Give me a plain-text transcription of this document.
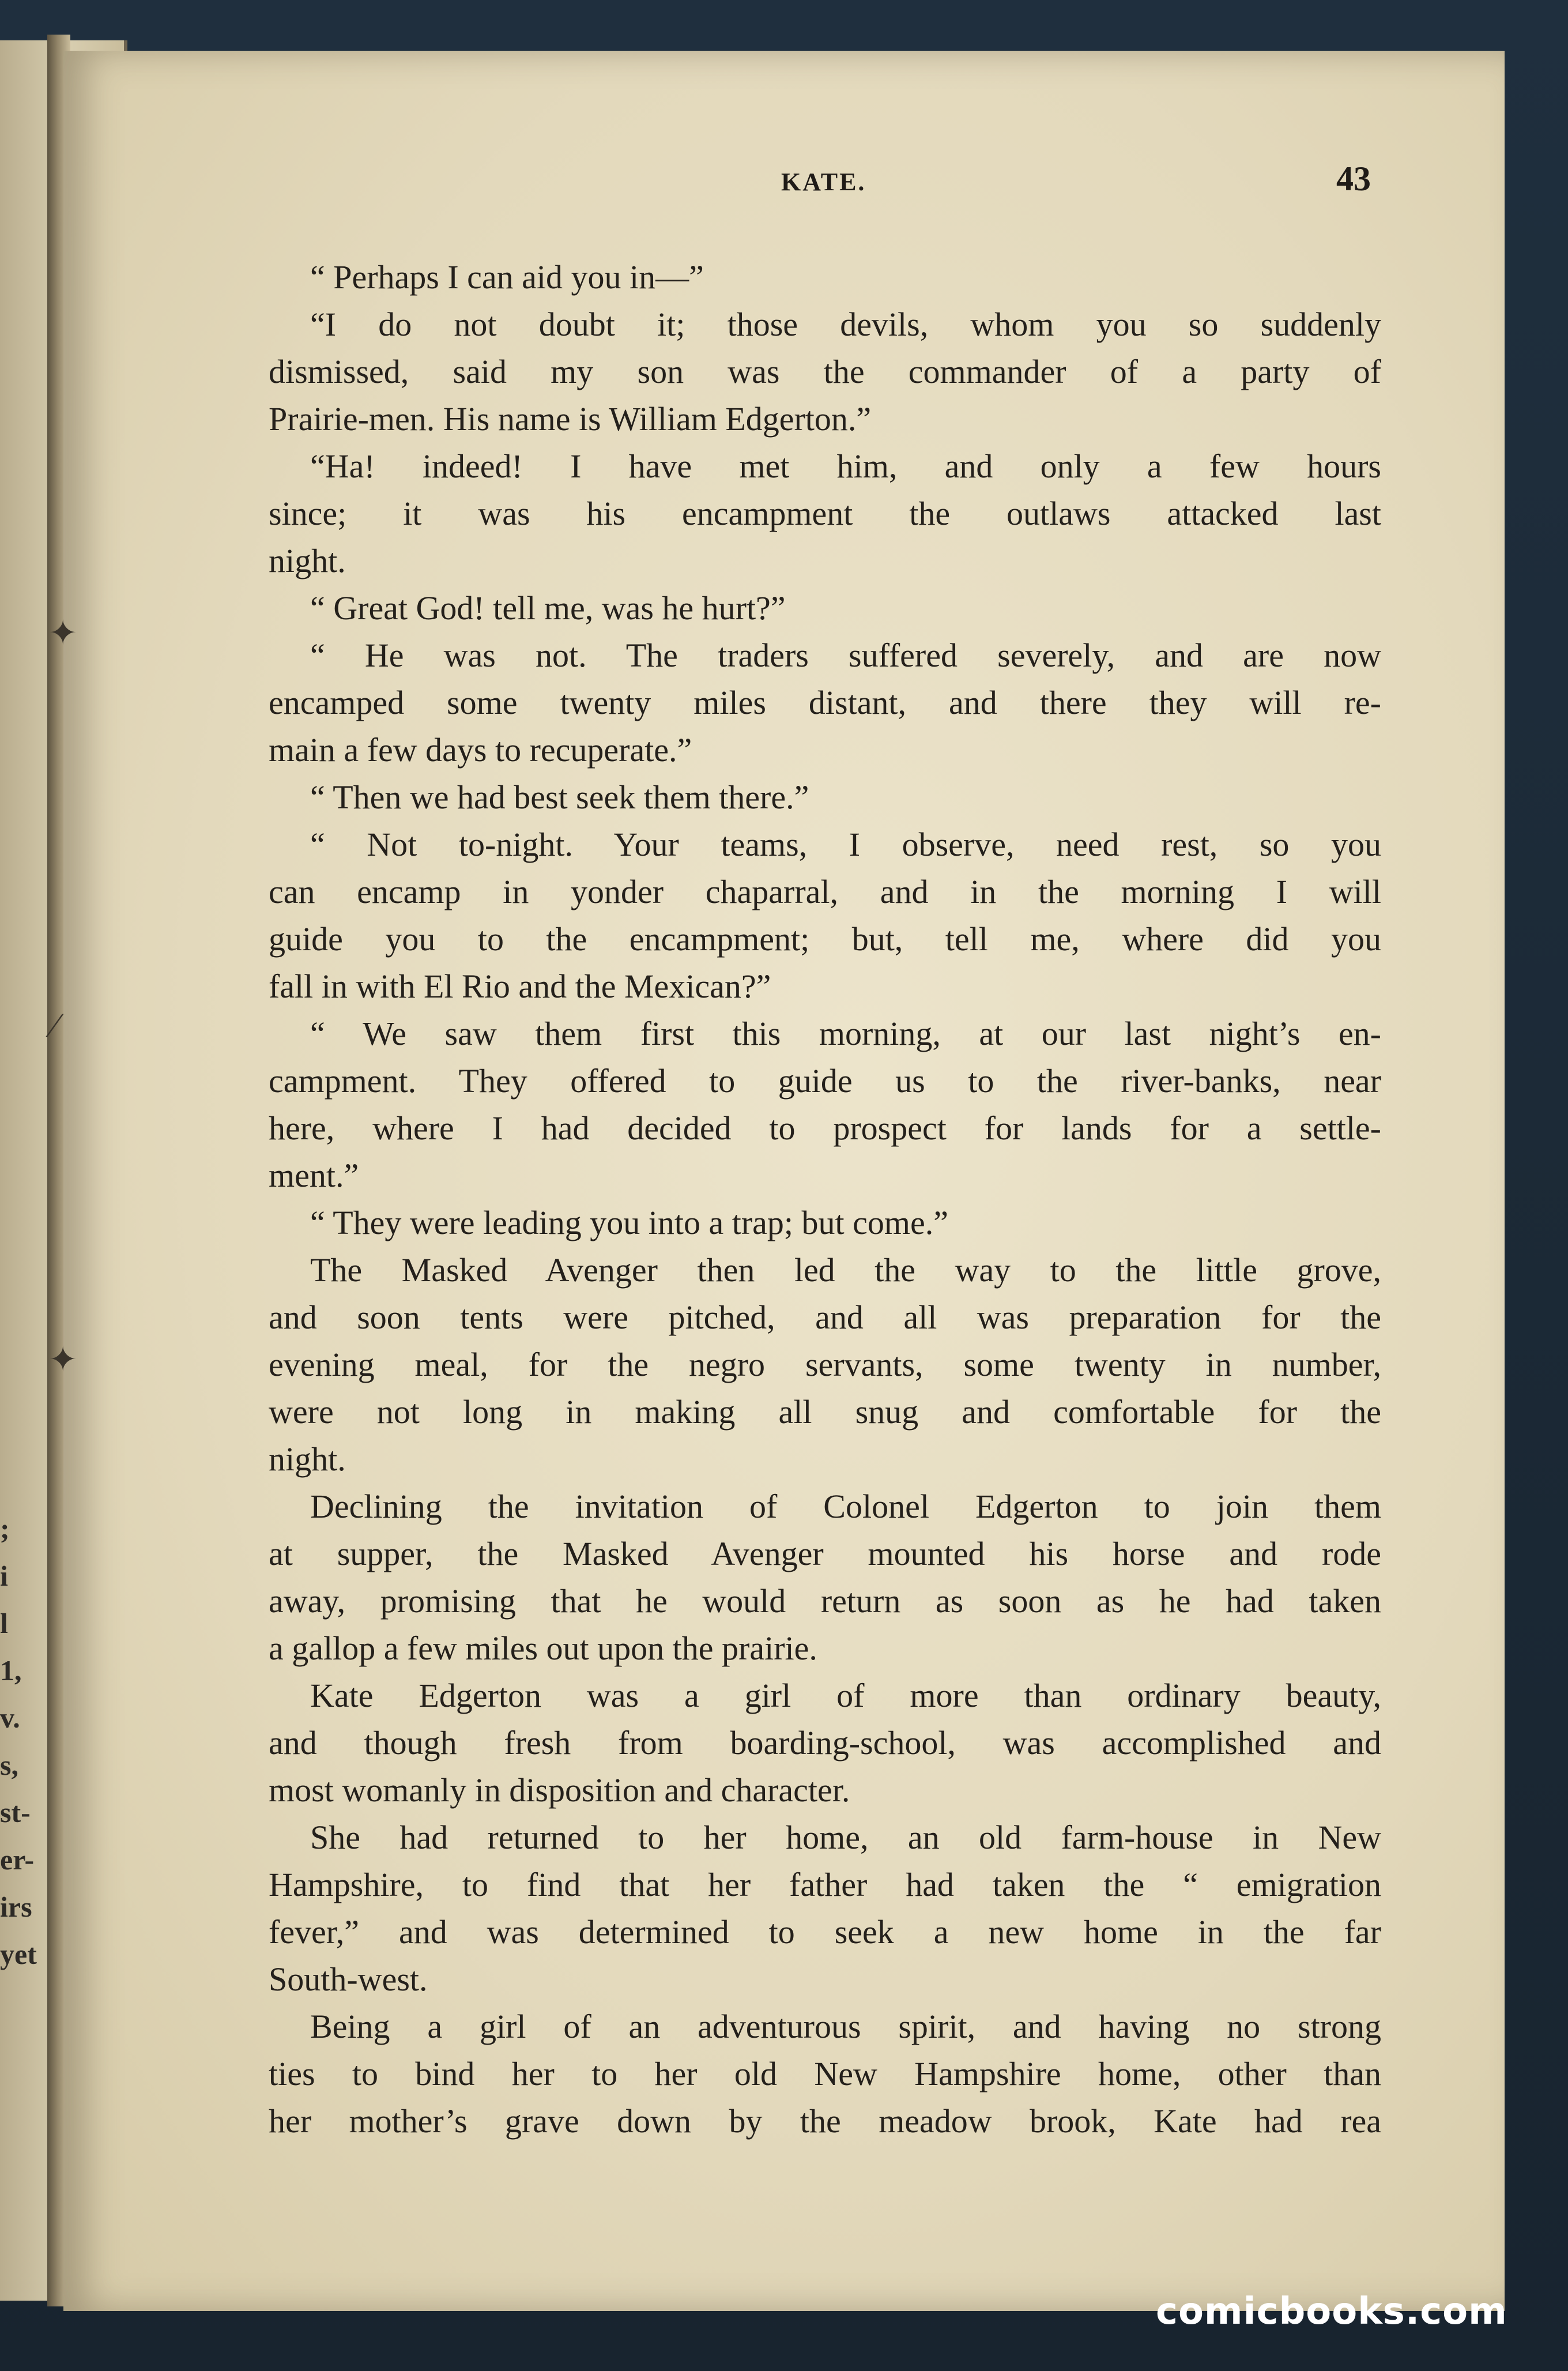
;
i
l
1,
v.
s,
st-
er-
irs
yet
✦
⁄
✦
KATE.	43
“ Perhaps I can aid you in—”
“I do not doubt it; those devils, whom you so suddenly
dismissed, said my son was the commander of a party of
Prairie-men. His name is William Edgerton.”
“Ha! indeed! I have met him, and only a few hours
since; it was his encampment the outlaws attacked last
night.
“ Great God! tell me, was he hurt?”
“ He was not. The traders suffered severely, and are now
encamped some twenty miles distant, and there they will re-
main a few days to recuperate.”
“ Then we had best seek them there.”
“ Not to-night. Your teams, I observe, need rest, so you
can encamp in yonder chaparral, and in the morning I will
guide you to the encampment; but, tell me, where did you
fall in with El Rio and the Mexican?”
“ We saw them first this morning, at our last night’s en-
campment. They offered to guide us to the river-banks, near
here, where I had decided to prospect for lands for a settle-
ment.”
“ They were leading you into a trap; but come.”
The Masked Avenger then led the way to the little grove,
and soon tents were pitched, and all was preparation for the
evening meal, for the negro servants, some twenty in number,
were not long in making all snug and comfortable for the
night.
Declining the invitation of Colonel Edgerton to join them
at supper, the Masked Avenger mounted his horse and rode
away, promising that he would return as soon as he had taken
a gallop a few miles out upon the prairie.
Kate Edgerton was a girl of more than ordinary beauty,
and though fresh from boarding-school, was accomplished and
most womanly in disposition and character.
She had returned to her home, an old farm-house in New
Hampshire, to find that her father had taken the “ emigration
fever,” and was determined to seek a new home in the far
South-west.
Being a girl of an adventurous spirit, and having no strong
ties to bind her to her old New Hampshire home, other than
her mother’s grave down by the meadow brook, Kate had rea
comicbooks.com
